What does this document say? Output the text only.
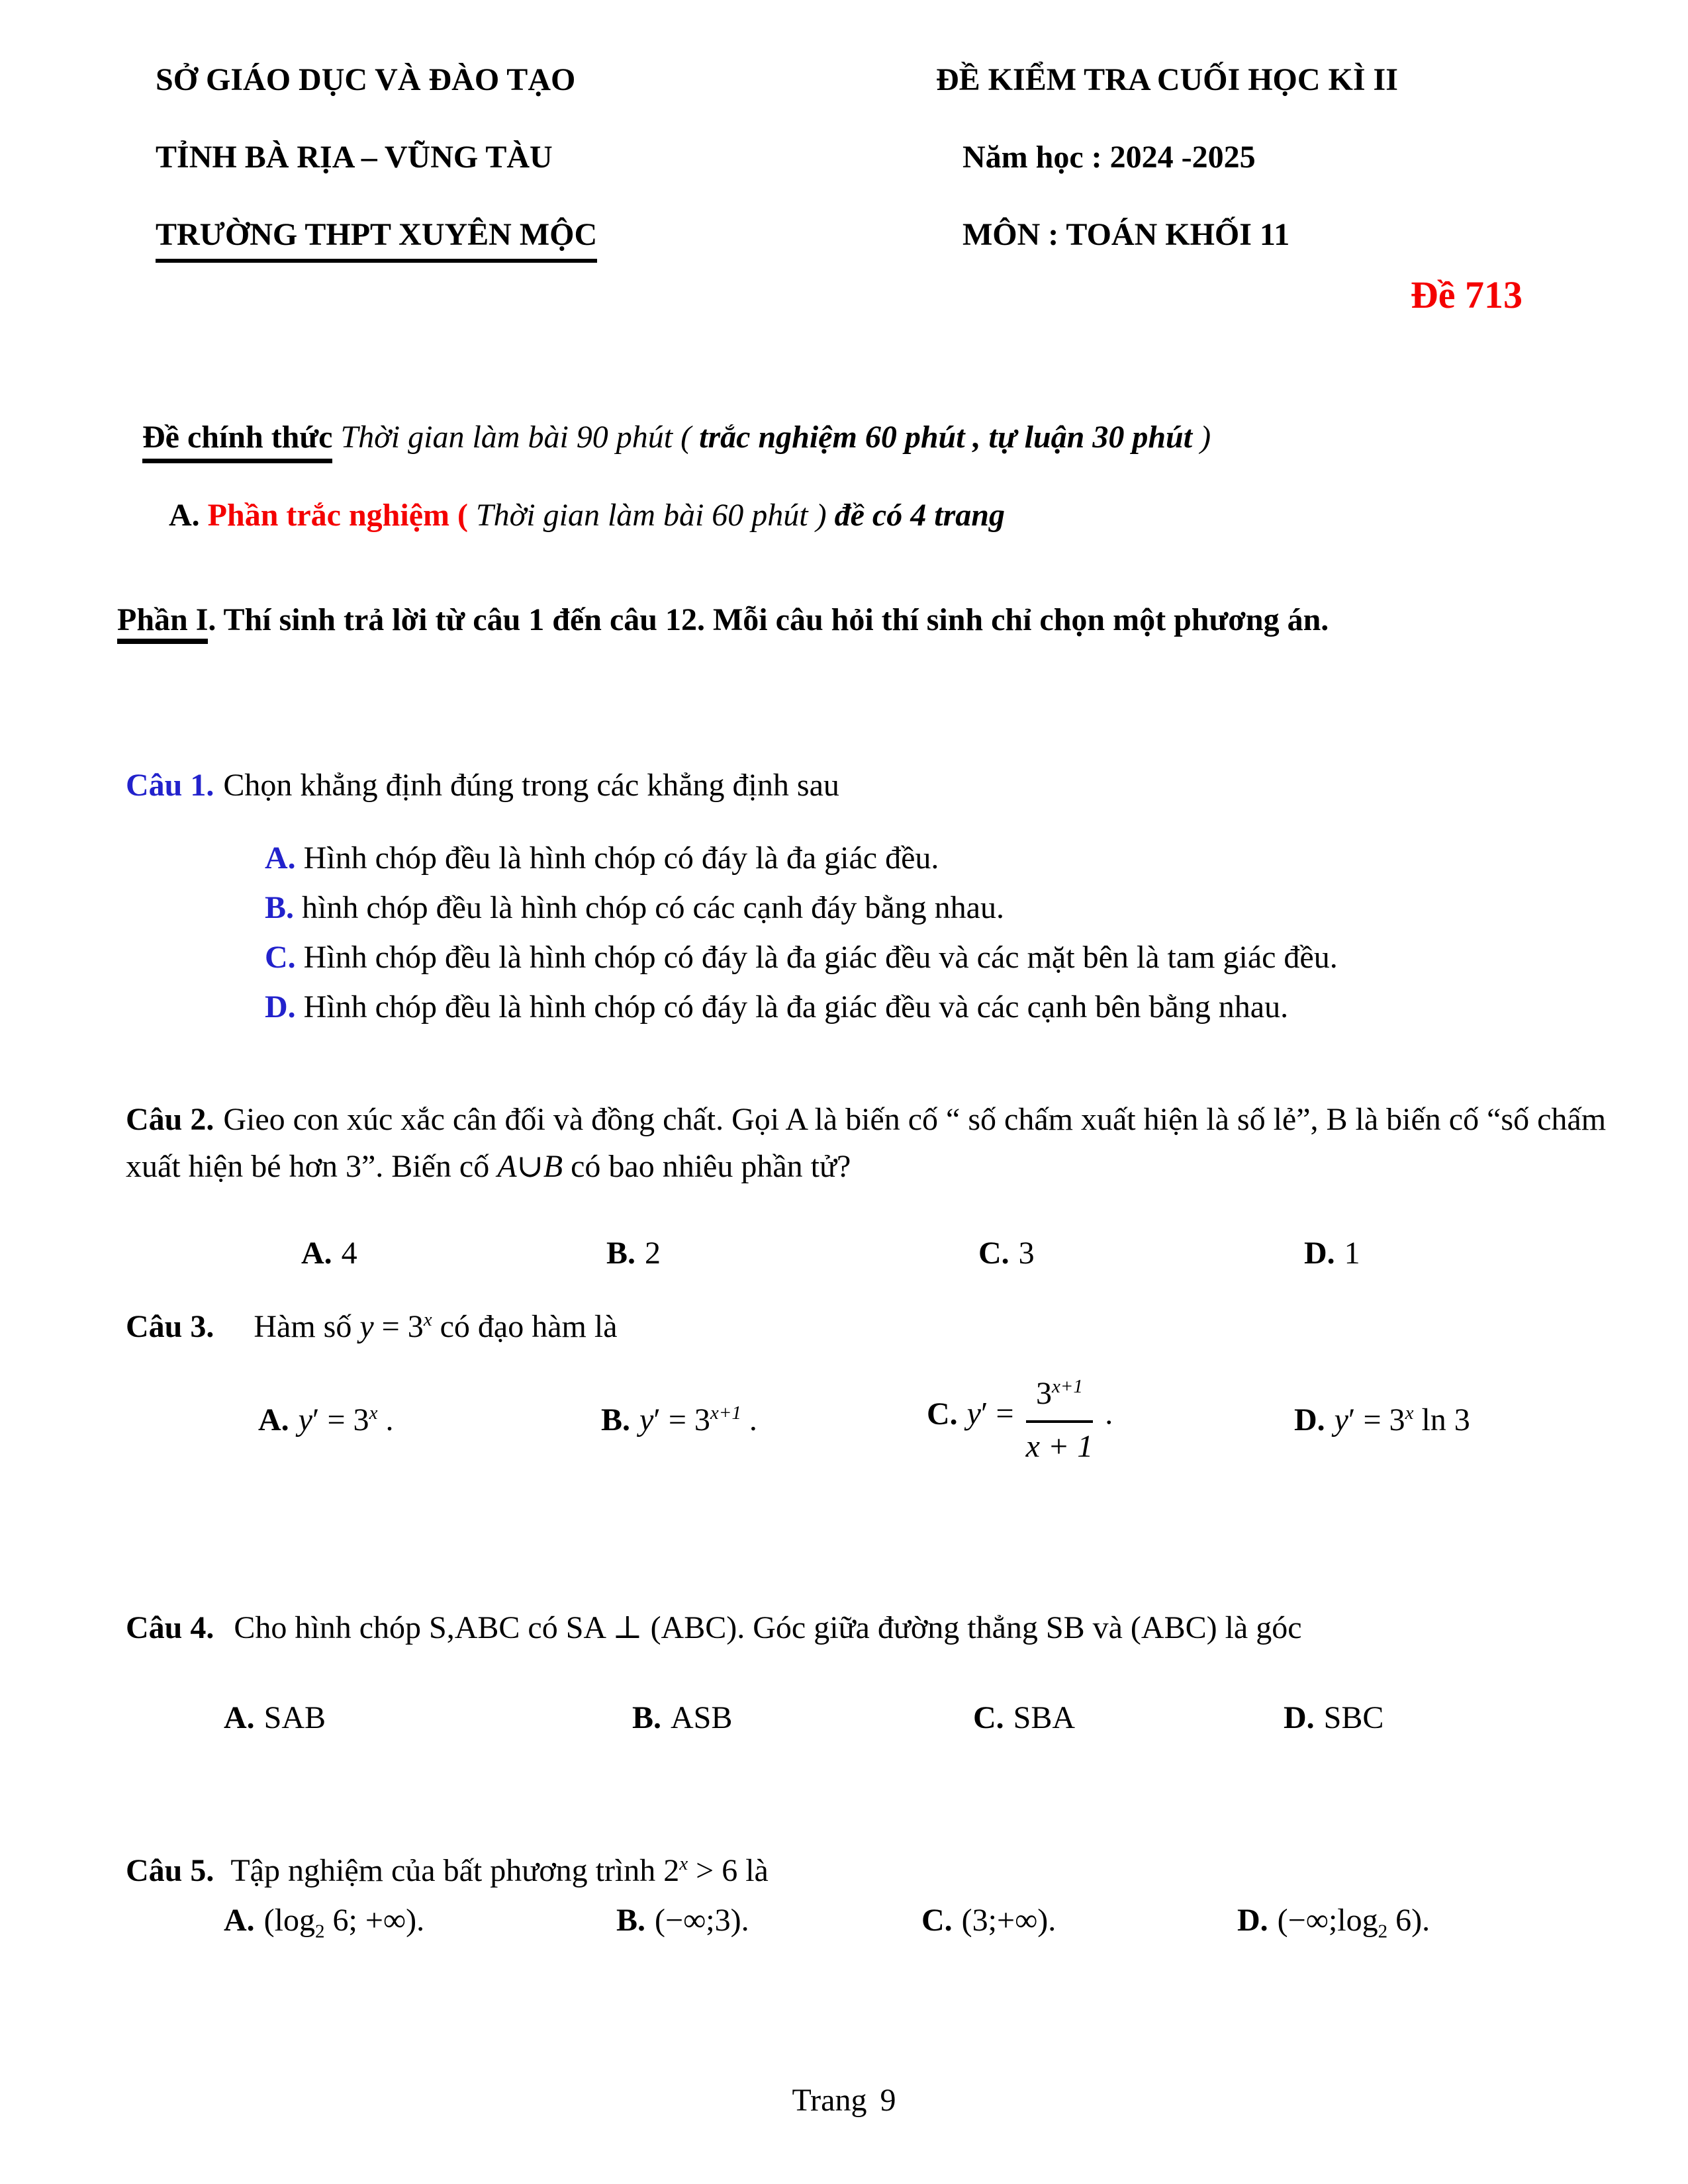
SỞ GIÁO DỤC VÀ ĐÀO TẠO
TỈNH BÀ RỊA – VŨNG TÀU
TRƯỜNG THPT XUYÊN MỘC
ĐỀ KIỂM TRA CUỐI HỌC KÌ II
Năm học : 2024 -2025
MÔN : TOÁN KHỐI 11
Đề 713
Đề chính thức Thời gian làm bài 90 phút ( trắc nghiệm 60 phút , tự luận 30 phút )
A. Phần trắc nghiệm ( Thời gian làm bài 60 phút ) đề có 4 trang
Phần I. Thí sinh trả lời từ câu 1 đến câu 12. Mỗi câu hỏi thí sinh chỉ chọn một phương án.
Câu 1. Chọn khẳng định đúng trong các khẳng định sau
A. Hình chóp đều là hình chóp có đáy là đa giác đều.
B. hình chóp đều là hình chóp có các cạnh đáy bằng nhau.
C. Hình chóp đều là hình chóp có đáy là đa giác đều và các mặt bên là tam giác đều.
D. Hình chóp đều là hình chóp có đáy là đa giác đều và các cạnh bên bằng nhau.
Câu 2. Gieo con xúc xắc cân đối và đồng chất. Gọi A là biến cố “ số chấm xuất hiện là số lẻ”, B là biến cố “số chấm xuất hiện bé hơn 3”. Biến cố A∪B có bao nhiêu phần tử?
A. 4	B. 2	C. 3	D. 1
Câu 3. Hàm số $y = 3^x$ có đạo hàm là
A. $y' = 3^x$ .	B. $y' = 3^{x+1}$ .	C. $y' = \frac{3^{x+1}}{x + 1}$ .	D. $y' = 3^x$ ln 3
Câu 4. Cho hình chóp S,ABC có SA ⊥ (ABC). Góc giữa đường thẳng SB và (ABC) là góc
A. SAB	B. ASB	C. SBA	D. SBC
Câu 5. Tập nghiệm của bất phương trình $2^x > 6$ là
A. ($\log_2$ 6; +∞).	B. (−∞;3).	C. (3;+∞).	D. ($-\infty;\log_2$ 6).
Trang 9
